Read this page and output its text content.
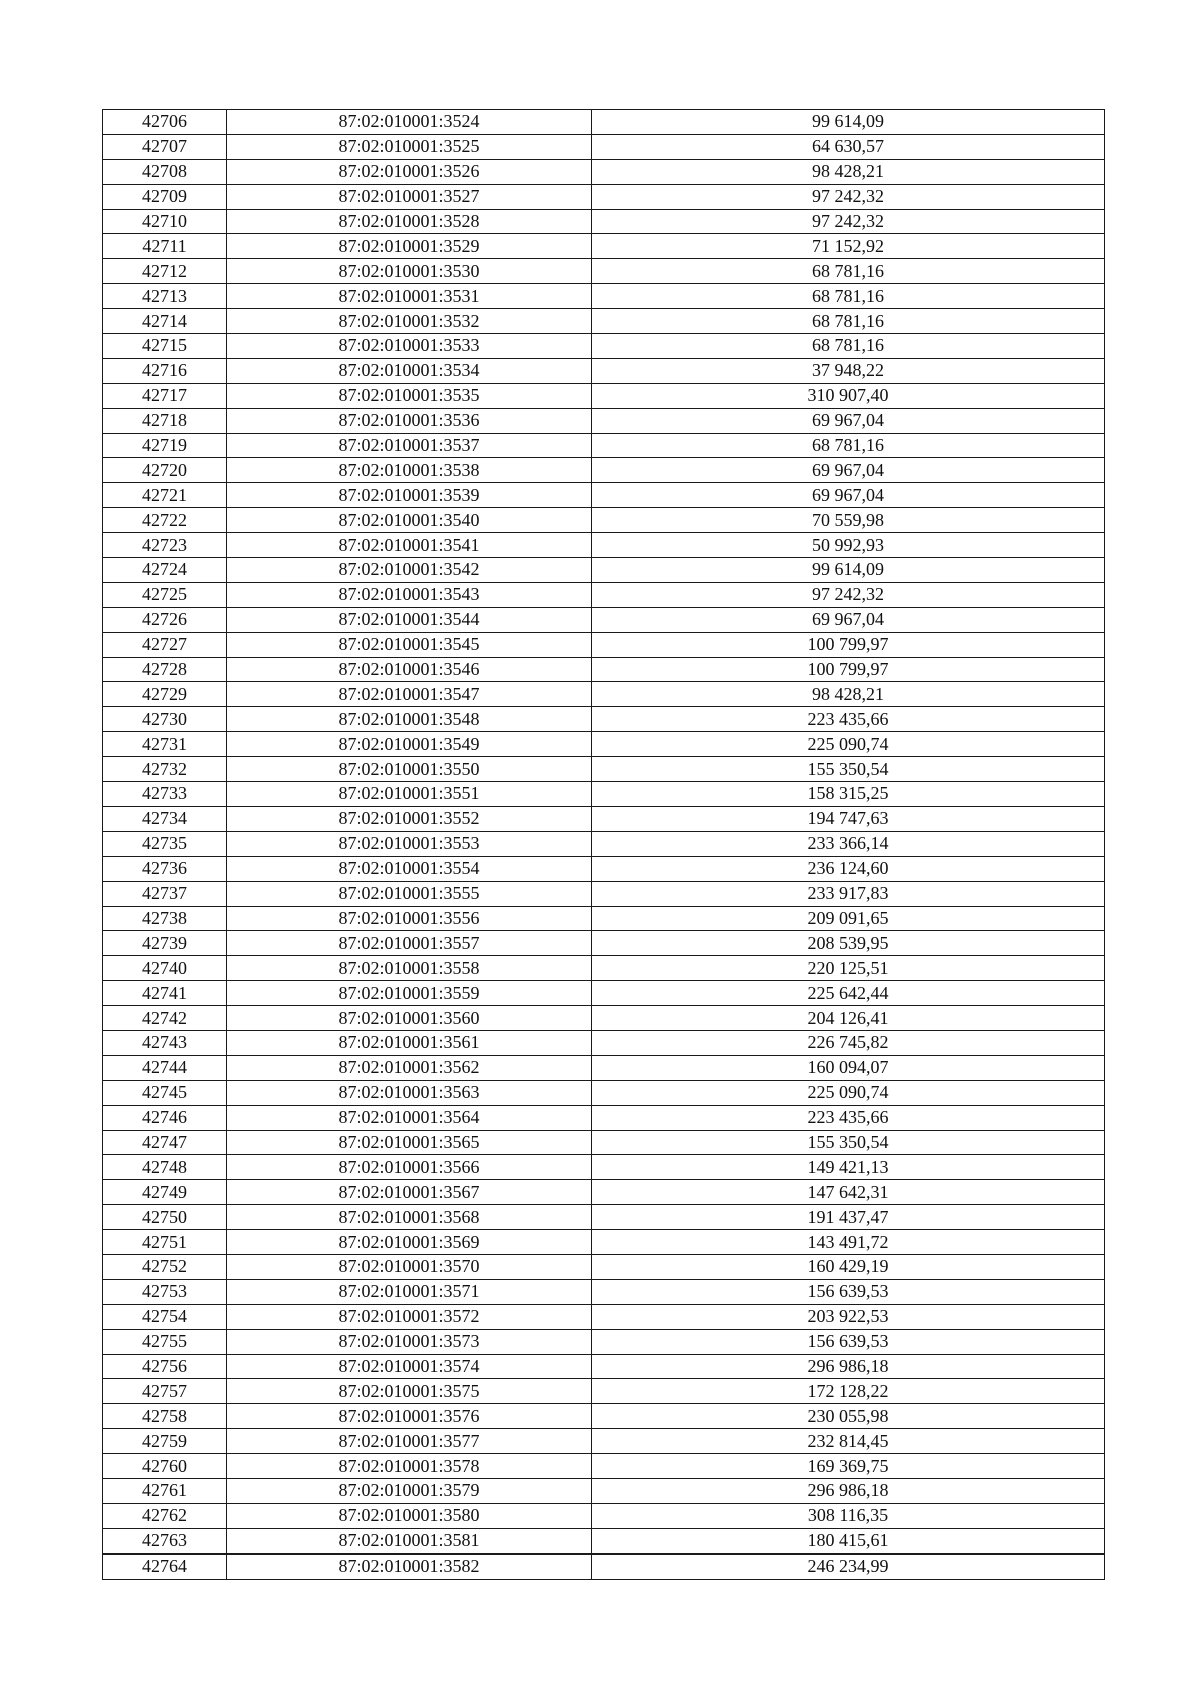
42706	87:02:010001:3524	99 614,09
42707	87:02:010001:3525	64 630,57
42708	87:02:010001:3526	98 428,21
42709	87:02:010001:3527	97 242,32
42710	87:02:010001:3528	97 242,32
42711	87:02:010001:3529	71 152,92
42712	87:02:010001:3530	68 781,16
42713	87:02:010001:3531	68 781,16
42714	87:02:010001:3532	68 781,16
42715	87:02:010001:3533	68 781,16
42716	87:02:010001:3534	37 948,22
42717	87:02:010001:3535	310 907,40
42718	87:02:010001:3536	69 967,04
42719	87:02:010001:3537	68 781,16
42720	87:02:010001:3538	69 967,04
42721	87:02:010001:3539	69 967,04
42722	87:02:010001:3540	70 559,98
42723	87:02:010001:3541	50 992,93
42724	87:02:010001:3542	99 614,09
42725	87:02:010001:3543	97 242,32
42726	87:02:010001:3544	69 967,04
42727	87:02:010001:3545	100 799,97
42728	87:02:010001:3546	100 799,97
42729	87:02:010001:3547	98 428,21
42730	87:02:010001:3548	223 435,66
42731	87:02:010001:3549	225 090,74
42732	87:02:010001:3550	155 350,54
42733	87:02:010001:3551	158 315,25
42734	87:02:010001:3552	194 747,63
42735	87:02:010001:3553	233 366,14
42736	87:02:010001:3554	236 124,60
42737	87:02:010001:3555	233 917,83
42738	87:02:010001:3556	209 091,65
42739	87:02:010001:3557	208 539,95
42740	87:02:010001:3558	220 125,51
42741	87:02:010001:3559	225 642,44
42742	87:02:010001:3560	204 126,41
42743	87:02:010001:3561	226 745,82
42744	87:02:010001:3562	160 094,07
42745	87:02:010001:3563	225 090,74
42746	87:02:010001:3564	223 435,66
42747	87:02:010001:3565	155 350,54
42748	87:02:010001:3566	149 421,13
42749	87:02:010001:3567	147 642,31
42750	87:02:010001:3568	191 437,47
42751	87:02:010001:3569	143 491,72
42752	87:02:010001:3570	160 429,19
42753	87:02:010001:3571	156 639,53
42754	87:02:010001:3572	203 922,53
42755	87:02:010001:3573	156 639,53
42756	87:02:010001:3574	296 986,18
42757	87:02:010001:3575	172 128,22
42758	87:02:010001:3576	230 055,98
42759	87:02:010001:3577	232 814,45
42760	87:02:010001:3578	169 369,75
42761	87:02:010001:3579	296 986,18
42762	87:02:010001:3580	308 116,35
42763	87:02:010001:3581	180 415,61
42764	87:02:010001:3582	246 234,99
